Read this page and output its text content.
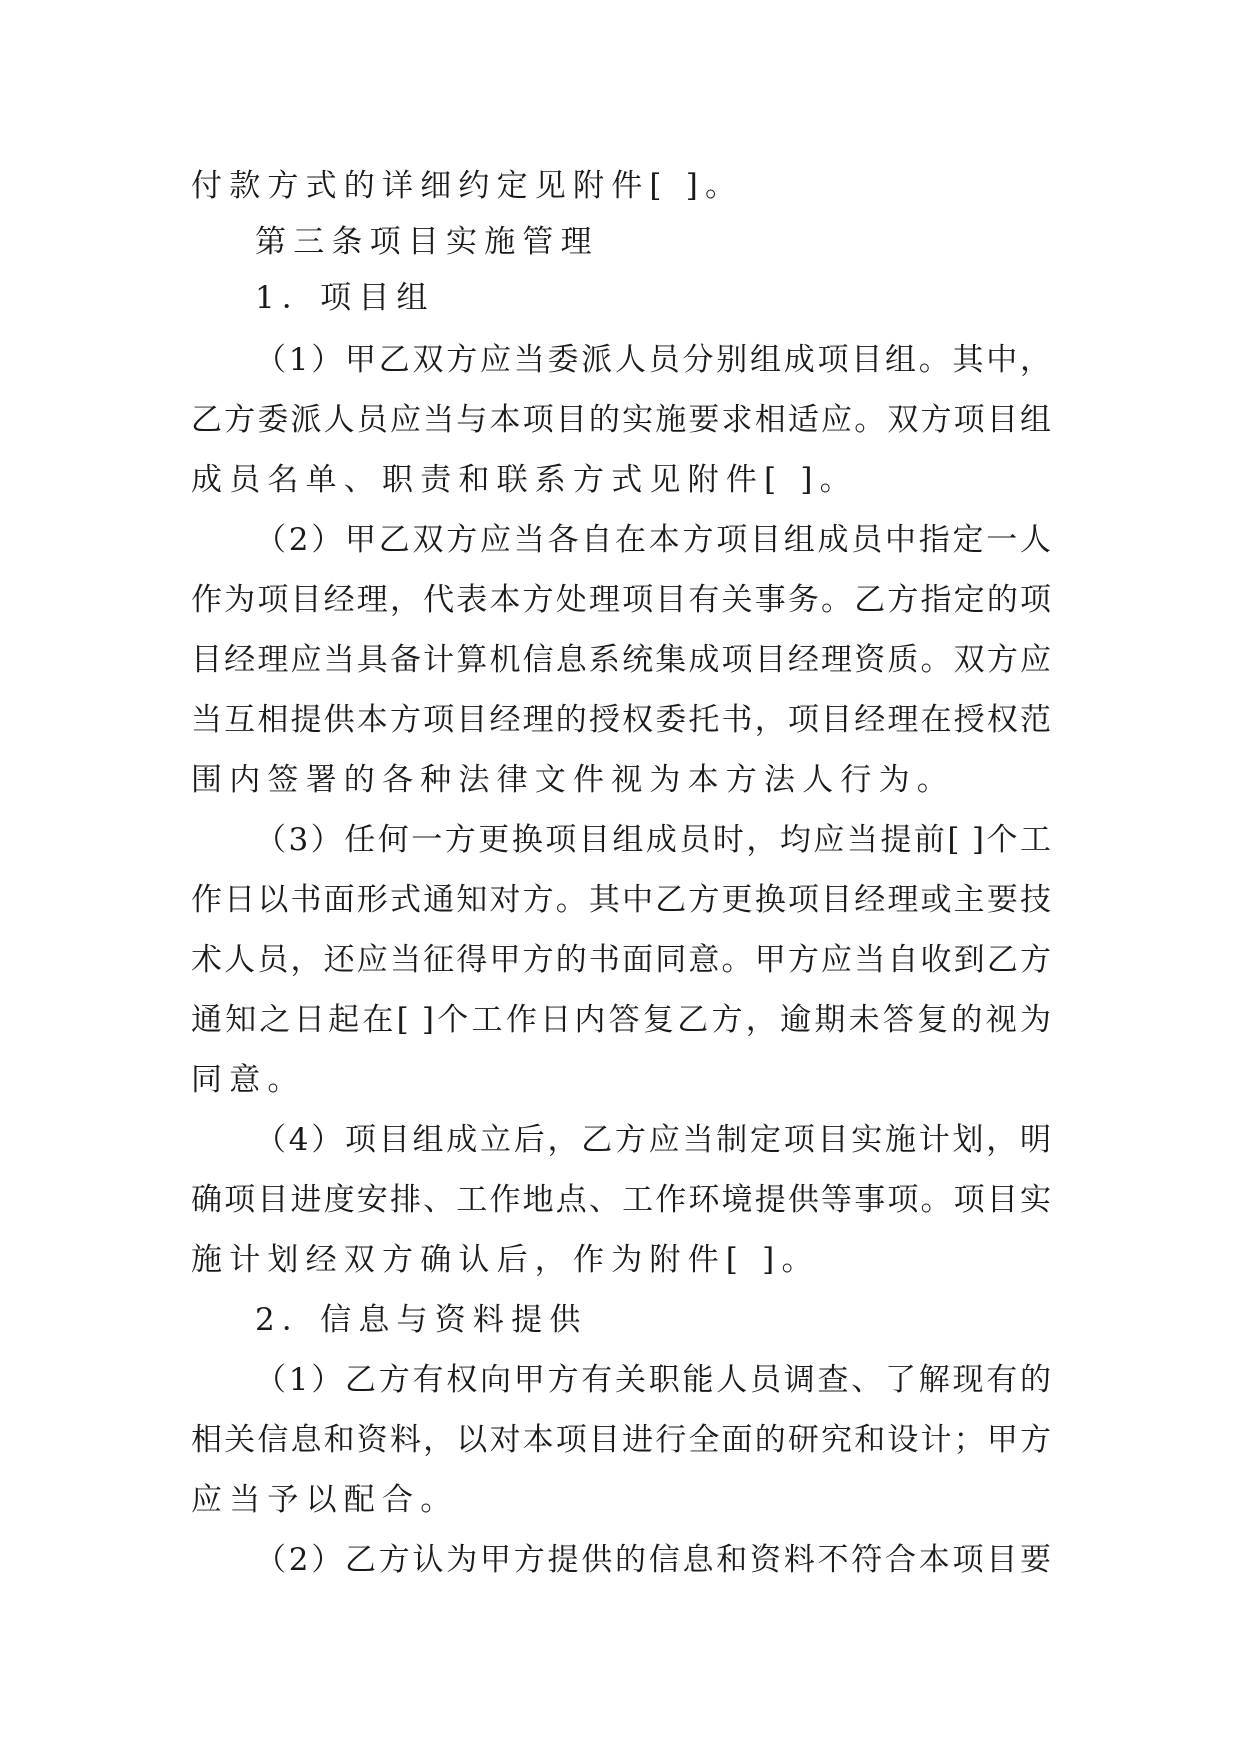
付款方式的详细约定见附件[ ]。
第三条项目实施管理
1．项目组
（1）甲乙双方应当委派人员分别组成项目组。其中，
乙方委派人员应当与本项目的实施要求相适应。双方项目组
成员名单、职责和联系方式见附件[ ]。
（2）甲乙双方应当各自在本方项目组成员中指定一人
作为项目经理，代表本方处理项目有关事务。乙方指定的项
目经理应当具备计算机信息系统集成项目经理资质。双方应
当互相提供本方项目经理的授权委托书，项目经理在授权范
围内签署的各种法律文件视为本方法人行为。
（3）任何一方更换项目组成员时，均应当提前[ ]个工
作日以书面形式通知对方。其中乙方更换项目经理或主要技
术人员，还应当征得甲方的书面同意。甲方应当自收到乙方
通知之日起在[ ]个工作日内答复乙方，逾期未答复的视为
同意。
（4）项目组成立后，乙方应当制定项目实施计划，明
确项目进度安排、工作地点、工作环境提供等事项。项目实
施计划经双方确认后，作为附件[ ]。
2．信息与资料提供
（1）乙方有权向甲方有关职能人员调查、了解现有的
相关信息和资料，以对本项目进行全面的研究和设计；甲方
应当予以配合。
（2）乙方认为甲方提供的信息和资料不符合本项目要
